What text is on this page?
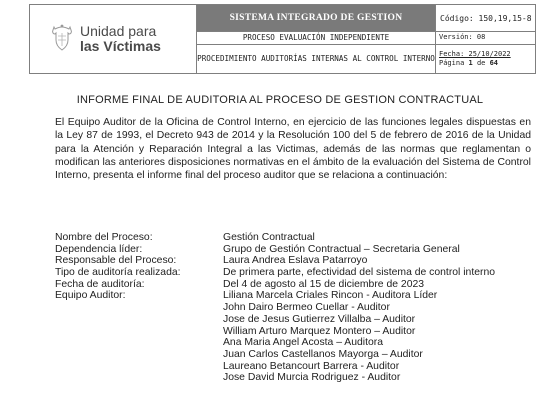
Unidad para
las Víctimas	SISTEMA INTEGRADO DE GESTION	Código: 150,19,15-8
	PROCESO EVALUACIÓN INDEPENDIENTE	Versión: 08
	PROCEDIMIENTO AUDITORÍAS INTERNAS AL CONTROL INTERNO	Fecha: 25/10/2022
Página 1 de 64
INFORME FINAL DE AUDITORIA AL PROCESO DE GESTION CONTRACTUAL

El Equipo Auditor de la Oficina de Control Interno, en ejercicio de las funciones legales dispuestas en la Ley 87 de 1993, el Decreto 943 de 2014 y la Resolución 100 del 5 de febrero de 2016 de la Unidad para la Atención y Reparación Integral a las Victimas, además de las normas que reglamentan o modifican las anteriores disposiciones normativas en el ámbito de la evaluación del Sistema de Control Interno, presenta el informe final del proceso auditor que se relaciona a continuación:

Nombre del Proceso:	Gestión Contractual
Dependencia líder:	Grupo de Gestión Contractual – Secretaria General
Responsable del Proceso:	Laura Andrea Eslava Patarroyo
Tipo de auditoría realizada:	De primera parte, efectividad del sistema de control interno
Fecha de auditoría:	Del 4 de agosto al 15 de diciembre de 2023
Equipo Auditor:	Liliana Marcela Criales Rincon - Auditora Líder
John Dairo Bermeo Cuellar - Auditor
Jose de Jesus Gutierrez Villalba – Auditor
William Arturo Marquez Montero – Auditor
Ana Maria Angel Acosta – Auditora
Juan Carlos Castellanos Mayorga – Auditor
Laureano Betancourt Barrera - Auditor
Jose David Murcia Rodriguez - Auditor
